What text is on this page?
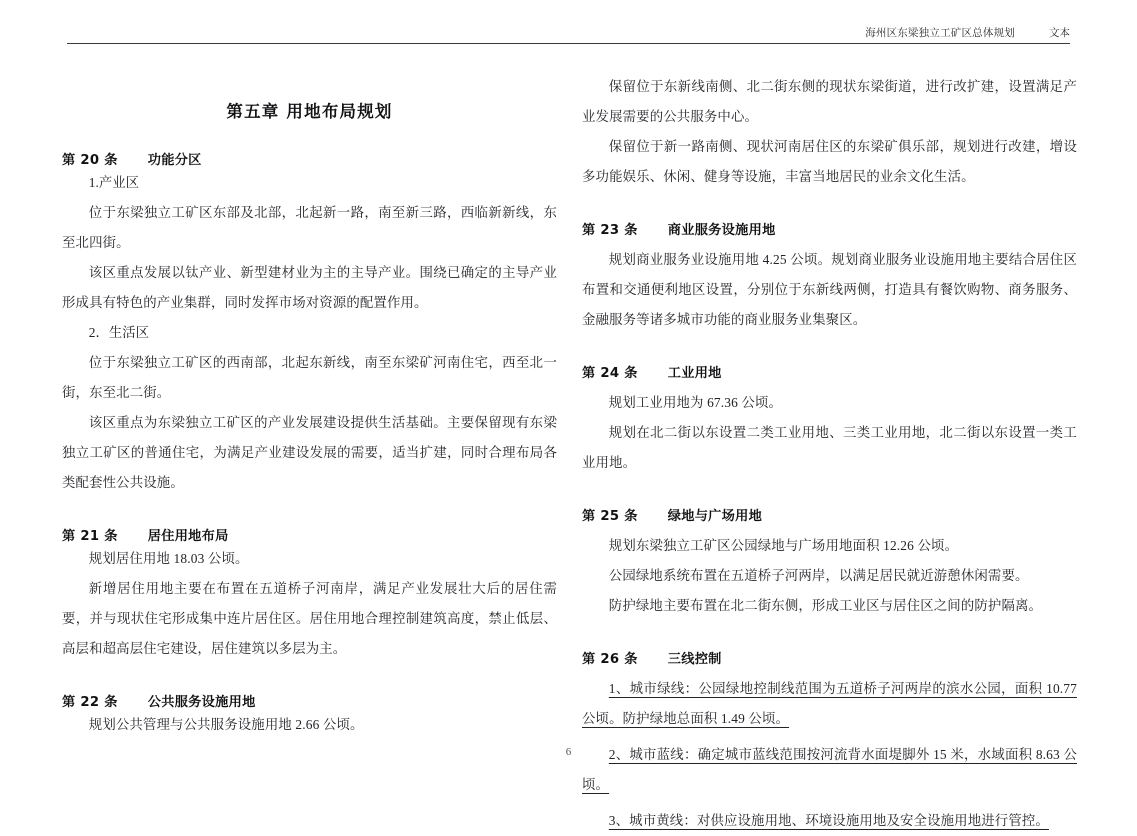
海州区东梁独立工矿区总体规划	文本
第五章 用地布局规划
第 20 条 功能分区

1.产业区

位于东梁独立工矿区东部及北部，北起新一路，南至新三路，西临新新线，东至北四街。

该区重点发展以钛产业、新型建材业为主的主导产业。围绕已确定的主导产业形成具有特色的产业集群，同时发挥市场对资源的配置作用。

2．生活区

位于东梁独立工矿区的西南部，北起东新线，南至东梁矿河南住宅，西至北一街，东至北二街。

该区重点为东梁独立工矿区的产业发展建设提供生活基础。主要保留现有东梁独立工矿区的普通住宅，为满足产业建设发展的需要，适当扩建，同时合理布局各类配套性公共设施。

第 21 条 居住用地布局

规划居住用地 18.03 公顷。

新增居住用地主要在布置在五道桥子河南岸，满足产业发展壮大后的居住需要，并与现状住宅形成集中连片居住区。居住用地合理控制建筑高度，禁止低层、高层和超高层住宅建设，居住建筑以多层为主。

第 22 条 公共服务设施用地

规划公共管理与公共服务设施用地 2.66 公顷。

保留位于东新线南侧、北二街东侧的现状东梁街道，进行改扩建，设置满足产业发展需要的公共服务中心。

保留位于新一路南侧、现状河南居住区的东梁矿俱乐部，规划进行改建，增设多功能娱乐、休闲、健身等设施，丰富当地居民的业余文化生活。

第 23 条 商业服务设施用地

规划商业服务业设施用地 4.25 公顷。规划商业服务业设施用地主要结合居住区布置和交通便利地区设置，分别位于东新线两侧，打造具有餐饮购物、商务服务、金融服务等诸多城市功能的商业服务业集聚区。

第 24 条 工业用地

规划工业用地为 67.36 公顷。

规划在北二街以东设置二类工业用地、三类工业用地，北二街以东设置一类工业用地。

第 25 条 绿地与广场用地

规划东梁独立工矿区公园绿地与广场用地面积 12.26 公顷。

公园绿地系统布置在五道桥子河两岸，以满足居民就近游憩休闲需要。

防护绿地主要布置在北二街东侧，形成工业区与居住区之间的防护隔离。

第 26 条 三线控制

1、城市绿线：公园绿地控制线范围为五道桥子河两岸的滨水公园，面积 10.77 公顷。防护绿地总面积 1.49 公顷。

2、城市蓝线：确定城市蓝线范围按河流背水面堤脚外 15 米，水域面积 8.63 公顷。

3、城市黄线：对供应设施用地、环境设施用地及安全设施用地进行管控。

6
